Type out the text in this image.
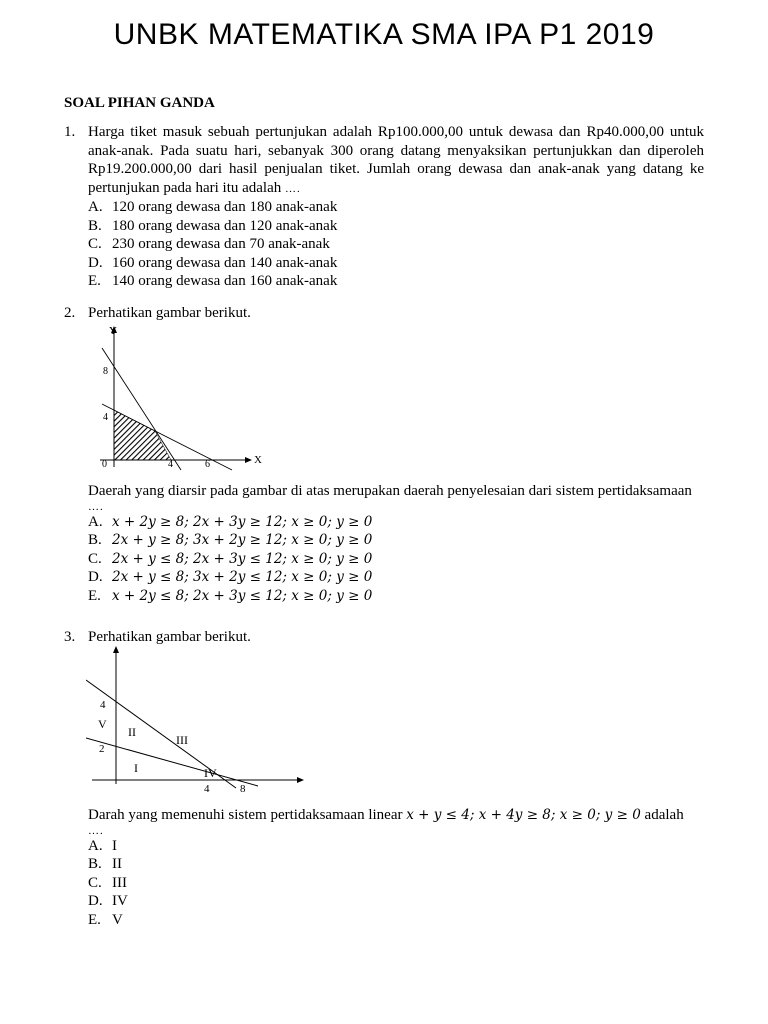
UNBK MATEMATIKA SMA IPA P1 2019
SOAL PIHAN GANDA
1. Harga tiket masuk sebuah pertunjukan adalah Rp100.000,00 untuk dewasa dan Rp40.000,00 untuk anak-anak. Pada suatu hari, sebanyak 300 orang datang menyaksikan pertunjukkan dan diperoleh Rp19.200.000,00 dari hasil penjualan tiket. Jumlah orang dewasa dan anak-anak yang datang ke pertunjukan pada hari itu adalah ….
A. 120 orang dewasa dan 180 anak-anak
B. 180 orang dewasa dan 120 anak-anak
C. 230 orang dewasa dan 70 anak-anak
D. 160 orang dewasa dan 140 anak-anak
E. 140 orang dewasa dan 160 anak-anak
2. Perhatikan gambar berikut.
Y
X
8
4
0	4	6
Daerah yang diarsir pada gambar di atas merupakan daerah penyelesaian dari sistem pertidaksamaan
….
A. x + 2y ≥ 8; 2x + 3y ≥ 12; x ≥ 0; y ≥ 0
B. 2x + y ≥ 8; 3x + 2y ≥ 12; x ≥ 0; y ≥ 0
C. 2x + y ≤ 8; 2x + 3y ≤ 12; x ≥ 0; y ≥ 0
D. 2x + y ≤ 8; 3x + 2y ≤ 12; x ≥ 0; y ≥ 0
E. x + 2y ≤ 8; 2x + 3y ≤ 12; x ≥ 0; y ≥ 0
3. Perhatikan gambar berikut.
4
2
4	8
V
II
III
I	IV
Darah yang memenuhi sistem pertidaksamaan linear x + y ≤ 4; x + 4y ≥ 8; x ≥ 0; y ≥ 0 adalah
….
A. I
B. II
C. III
D. IV
E. V
